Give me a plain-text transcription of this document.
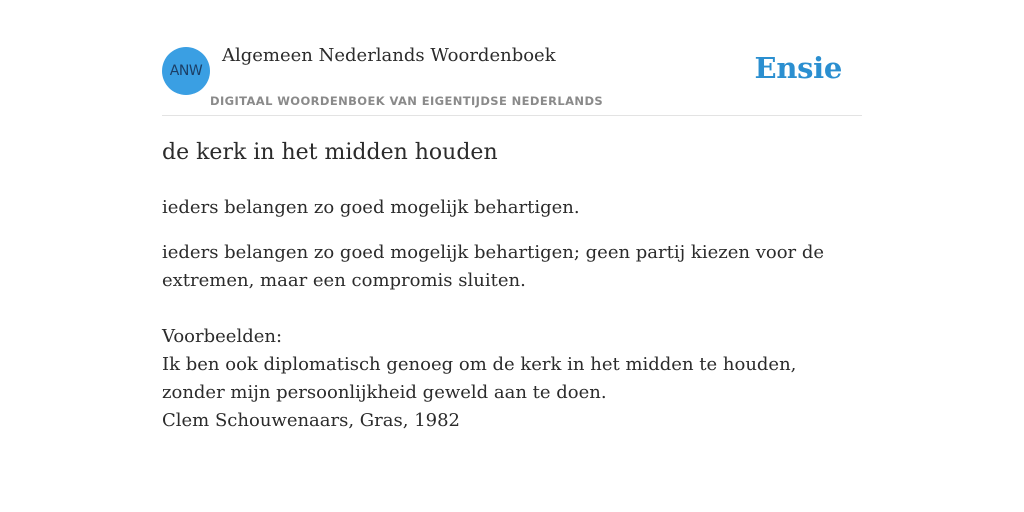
ANW
Algemeen Nederlands Woordenboek
DIGITAAL WOORDENBOEK VAN EIGENTIJDSE NEDERLANDS
Ensie
de kerk in het midden houden
ieders belangen zo goed mogelijk behartigen.
ieders belangen zo goed mogelijk behartigen; geen partij kiezen voor de extremen, maar een compromis sluiten.
Voorbeelden:
Ik ben ook diplomatisch genoeg om de kerk in het midden te houden, zonder mijn persoonlijkheid geweld aan te doen.
Clem Schouwenaars, Gras, 1982
